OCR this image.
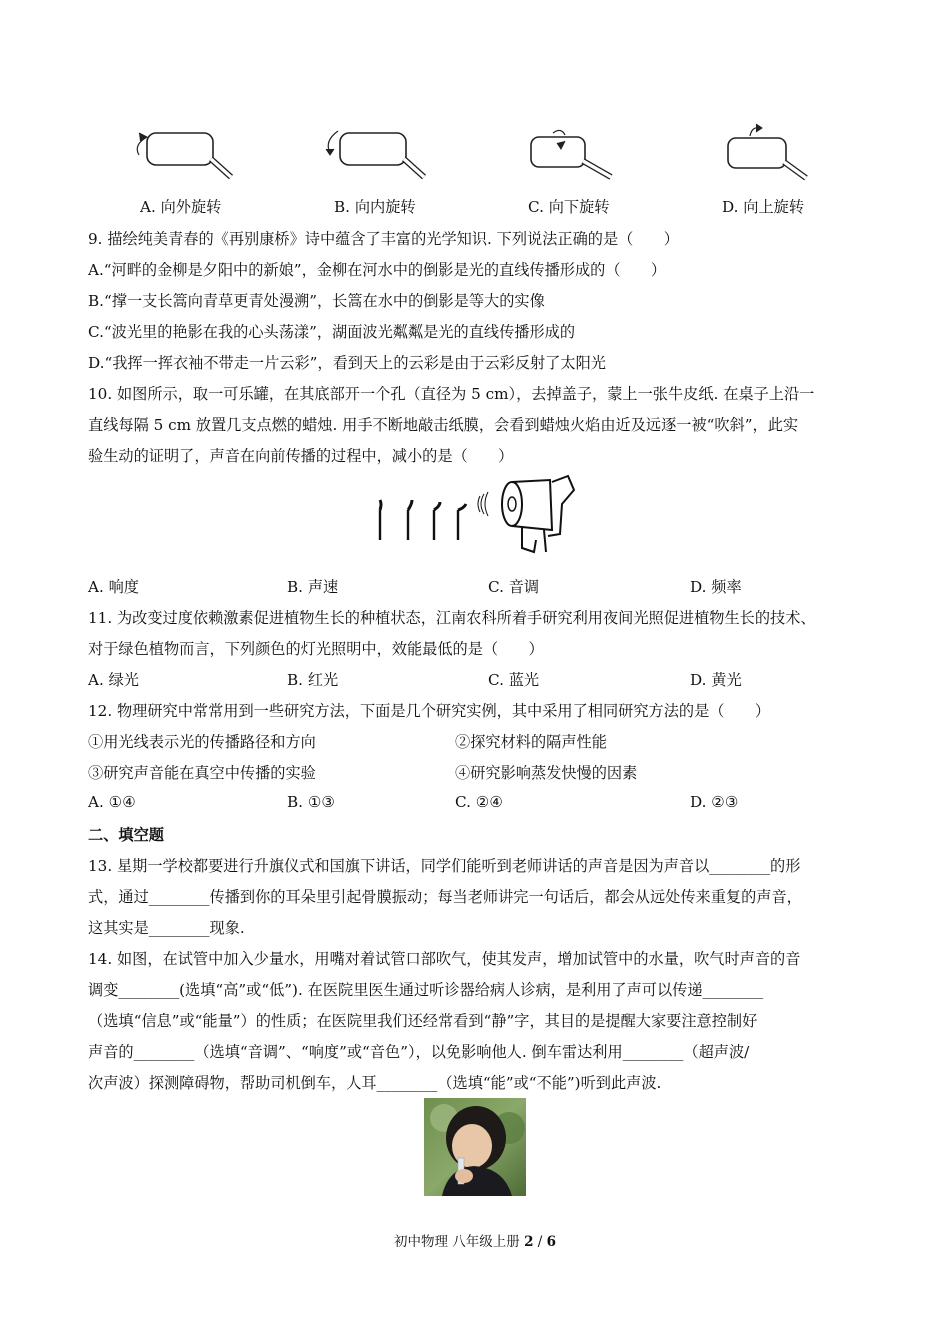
A. 向外旋转	B. 向内旋转	C. 向下旋转	D. 向上旋转
9. 描绘纯美青春的《再别康桥》诗中蕴含了丰富的光学知识. 下列说法正确的是（　　）
A.“河畔的金柳是夕阳中的新娘”，金柳在河水中的倒影是光的直线传播形成的（　　）
B.“撑一支长篙向青草更青处漫溯”，长篙在水中的倒影是等大的实像
C.“波光里的艳影在我的心头荡漾”，湖面波光粼粼是光的直线传播形成的
D.“我挥一挥衣袖不带走一片云彩”，看到天上的云彩是由于云彩反射了太阳光
10. 如图所示，取一可乐罐，在其底部开一个孔（直径为 5 cm），去掉盖子，蒙上一张牛皮纸. 在桌子上沿一
直线每隔 5 cm 放置几支点燃的蜡烛. 用手不断地敲击纸膜，会看到蜡烛火焰由近及远逐一被“吹斜”，此实
验生动的证明了，声音在向前传播的过程中，减小的是（　　）
A. 响度	B. 声速	C. 音调	D. 频率
11. 为改变过度依赖激素促进植物生长的种植状态，江南农科所着手研究利用夜间光照促进植物生长的技术、
对于绿色植物而言，下列颜色的灯光照明中，效能最低的是（　　）
A. 绿光	B. 红光	C. 蓝光	D. 黄光
12. 物理研究中常常用到一些研究方法，下面是几个研究实例，其中采用了相同研究方法的是（　　）
①用光线表示光的传播路径和方向	②探究材料的隔声性能
③研究声音能在真空中传播的实验	④研究影响蒸发快慢的因素
A. ①④	B. ①③	C. ②④	D. ②③
二、填空题
13. 星期一学校都要进行升旗仪式和国旗下讲话，同学们能听到老师讲话的声音是因为声音以________的形
式，通过________传播到你的耳朵里引起骨膜振动；每当老师讲完一句话后，都会从远处传来重复的声音，
这其实是________现象.
14. 如图，在试管中加入少量水，用嘴对着试管口部吹气，使其发声，增加试管中的水量，吹气时声音的音
调变________(选填“高”或“低”). 在医院里医生通过听诊器给病人诊病，是利用了声可以传递________
（选填“信息”或“能量”）的性质；在医院里我们还经常看到“静”字，其目的是提醒大家要注意控制好
声音的________（选填“音调”、“响度”或“音色”），以免影响他人. 倒车雷达利用________（超声波/
次声波）探测障碍物，帮助司机倒车，人耳________（选填“能”或“不能”)听到此声波.
初中物理 八年级上册 2 / 6
